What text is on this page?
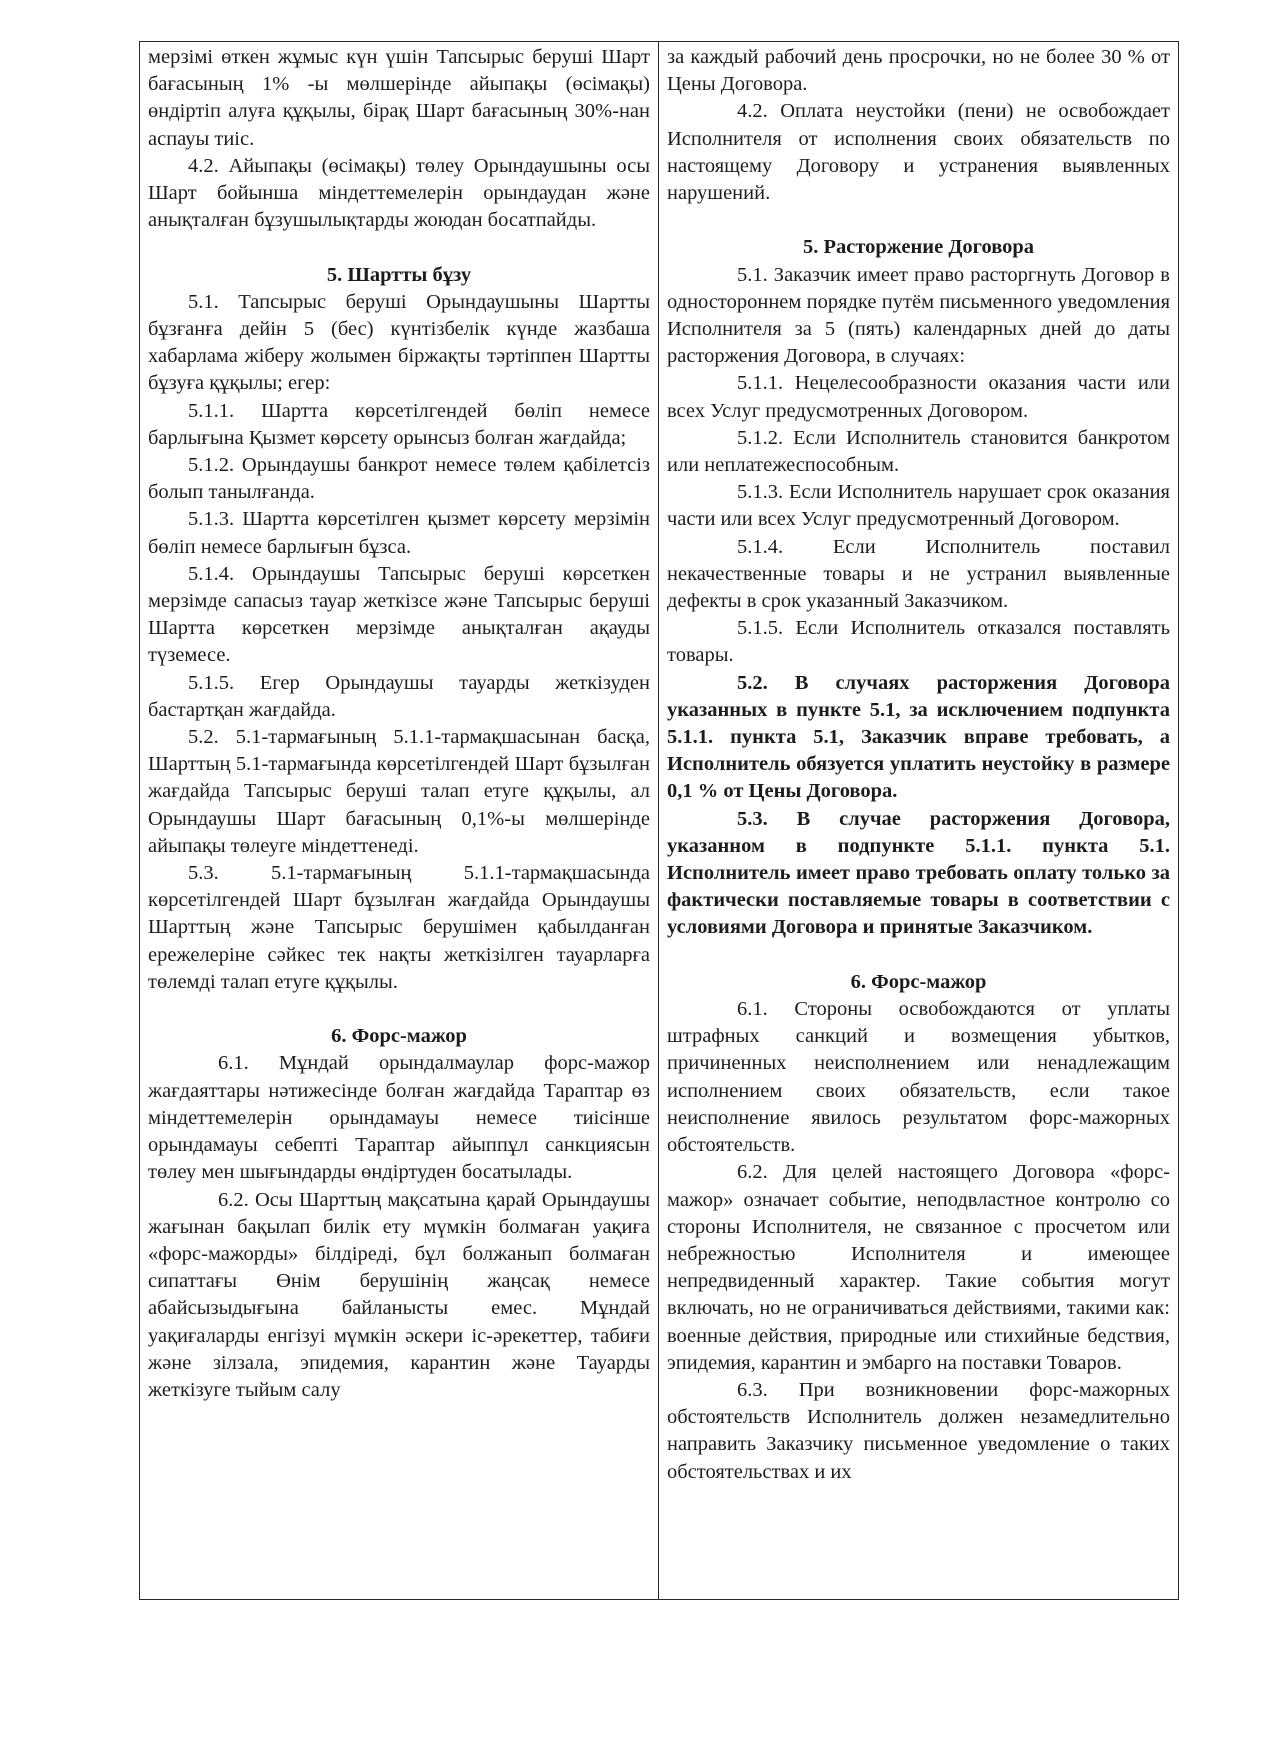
мерзімі өткен жұмыс күн үшін Тапсырыс беруші Шарт бағасының 1% -ы мөлшерінде айыпақы (өсімақы) өндіртіп алуға құқылы, бірақ Шарт бағасының 30%-нан аспауы тиіс.

4.2. Айыпақы (өсімақы) төлеу Орындаушыны осы Шарт бойынша міндеттемелерін орындаудан және анықталған бұзушылықтарды жоюдан босатпайды.

5. Шартты бұзу

5.1. Тапсырыс беруші Орындаушыны Шартты бұзғанға дейін 5 (бес) күнтізбелік күнде жазбаша хабарлама жіберу жолымен біржақты тәртіппен Шартты бұзуға құқылы; егер:

5.1.1. Шартта көрсетілгендей бөліп немесе барлығына Қызмет көрсету орынсыз болған жағдайда;

5.1.2. Орындаушы банкрот немесе төлем қабілетсіз болып танылғанда.

5.1.3. Шартта көрсетілген қызмет көрсету мерзімін бөліп немесе барлығын бұзса.

5.1.4. Орындаушы Тапсырыс беруші көрсеткен мерзімде сапасыз тауар жеткізсе және Тапсырыс беруші Шартта көрсеткен мерзімде анықталған ақауды түземесе.

5.1.5. Егер Орындаушы тауарды жеткізуден бастартқан жағдайда.

5.2. 5.1-тармағының 5.1.1-тармақшасынан басқа, Шарттың 5.1-тармағында көрсетілгендей Шарт бұзылған жағдайда Тапсырыс беруші талап етуге құқылы, ал Орындаушы Шарт бағасының 0,1%-ы мөлшерінде айыпақы төлеуге міндеттенеді.

5.3. 5.1-тармағының 5.1.1-тармақшасында көрсетілгендей Шарт бұзылған жағдайда Орындаушы Шарттың және Тапсырыс берушімен қабылданған ережелеріне сәйкес тек нақты жеткізілген тауарларға төлемді талап етуге құқылы.

6. Форс-мажор

6.1. Мұндай орындалмаулар форс-мажор жағдаяттары нәтижесінде болған жағдайда Тараптар өз міндеттемелерін орындамауы немесе тиісінше орындамауы себепті Тараптар айыппұл санкциясын төлеу мен шығындарды өндіртуден босатылады.

6.2. Осы Шарттың мақсатына қарай Орындаушы жағынан бақылап билік ету мүмкін болмаған уақиға «форс-мажорды» білдіреді, бұл болжанып болмаған сипаттағы Өнім берушінің жаңсақ немесе абайсызыдығына байланысты емес. Мұндай уақиғаларды енгізуі мүмкін әскери іс-әрекеттер, табиғи және зілзала, эпидемия, карантин және Тауарды жеткізуге тыйым салу

за каждый рабочий день просрочки, но не более 30 % от Цены Договора.

4.2. Оплата неустойки (пени) не освобождает Исполнителя от исполнения своих обязательств по настоящему Договору и устранения выявленных нарушений.

5. Расторжение Договора

5.1. Заказчик имеет право расторгнуть Договор в одностороннем порядке путём письменного уведомления Исполнителя за 5 (пять) календарных дней до даты расторжения Договора, в случаях:

5.1.1. Нецелесообразности оказания части или всех Услуг предусмотренных Договором.

5.1.2. Если Исполнитель становится банкротом или неплатежеспособным.

5.1.3. Если Исполнитель нарушает срок оказания части или всех Услуг предусмотренный Договором.

5.1.4. Если Исполнитель поставил некачественные товары и не устранил выявленные дефекты в срок указанный Заказчиком.

5.1.5. Если Исполнитель отказался поставлять товары.

5.2. В случаях расторжения Договора указанных в пункте 5.1, за исключением подпункта 5.1.1. пункта 5.1, Заказчик вправе требовать, а Исполнитель обязуется уплатить неустойку в размере 0,1 % от Цены Договора.

5.3. В случае расторжения Договора, указанном в подпункте 5.1.1. пункта 5.1. Исполнитель имеет право требовать оплату только за фактически поставляемые товары в соответствии с условиями Договора и принятые Заказчиком.

6. Форс-мажор

6.1. Стороны освобождаются от уплаты штрафных санкций и возмещения убытков, причиненных неисполнением или ненадлежащим исполнением своих обязательств, если такое неисполнение явилось результатом форс-мажорных обстоятельств.

6.2. Для целей настоящего Договора «форс-мажор» означает событие, неподвластное контролю со стороны Исполнителя, не связанное с просчетом или небрежностью Исполнителя и имеющее непредвиденный характер. Такие события могут включать, но не ограничиваться действиями, такими как: военные действия, природные или стихийные бедствия, эпидемия, карантин и эмбарго на поставки Товаров.

6.3. При возникновении форс-мажорных обстоятельств Исполнитель должен незамедлительно направить Заказчику письменное уведомление о таких обстоятельствах и их
